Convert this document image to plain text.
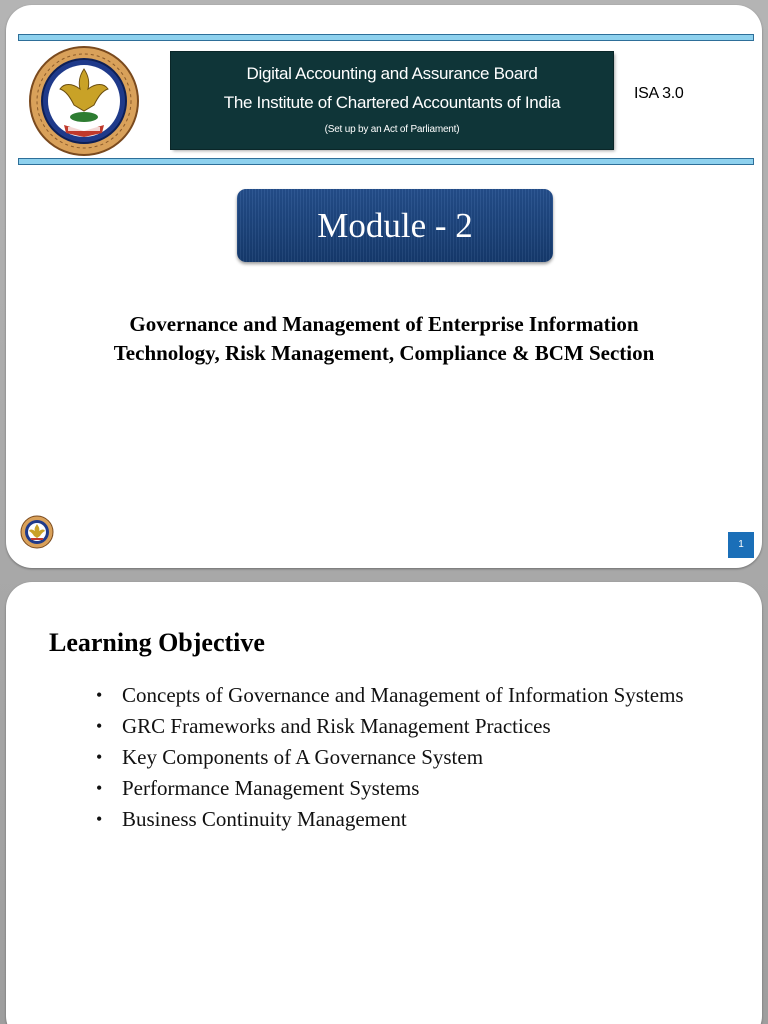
Digital Accounting and Assurance Board
The Institute of Chartered Accountants of India
(Set up by an Act of Parliament)
ISA 3.0
Module - 2
Governance and Management of Enterprise Information
Technology, Risk Management, Compliance & BCM Section
1
Learning Objective
• Concepts of Governance and Management of Information Systems
• GRC Frameworks and Risk Management Practices
• Key Components of A Governance System
• Performance Management Systems
• Business Continuity Management
